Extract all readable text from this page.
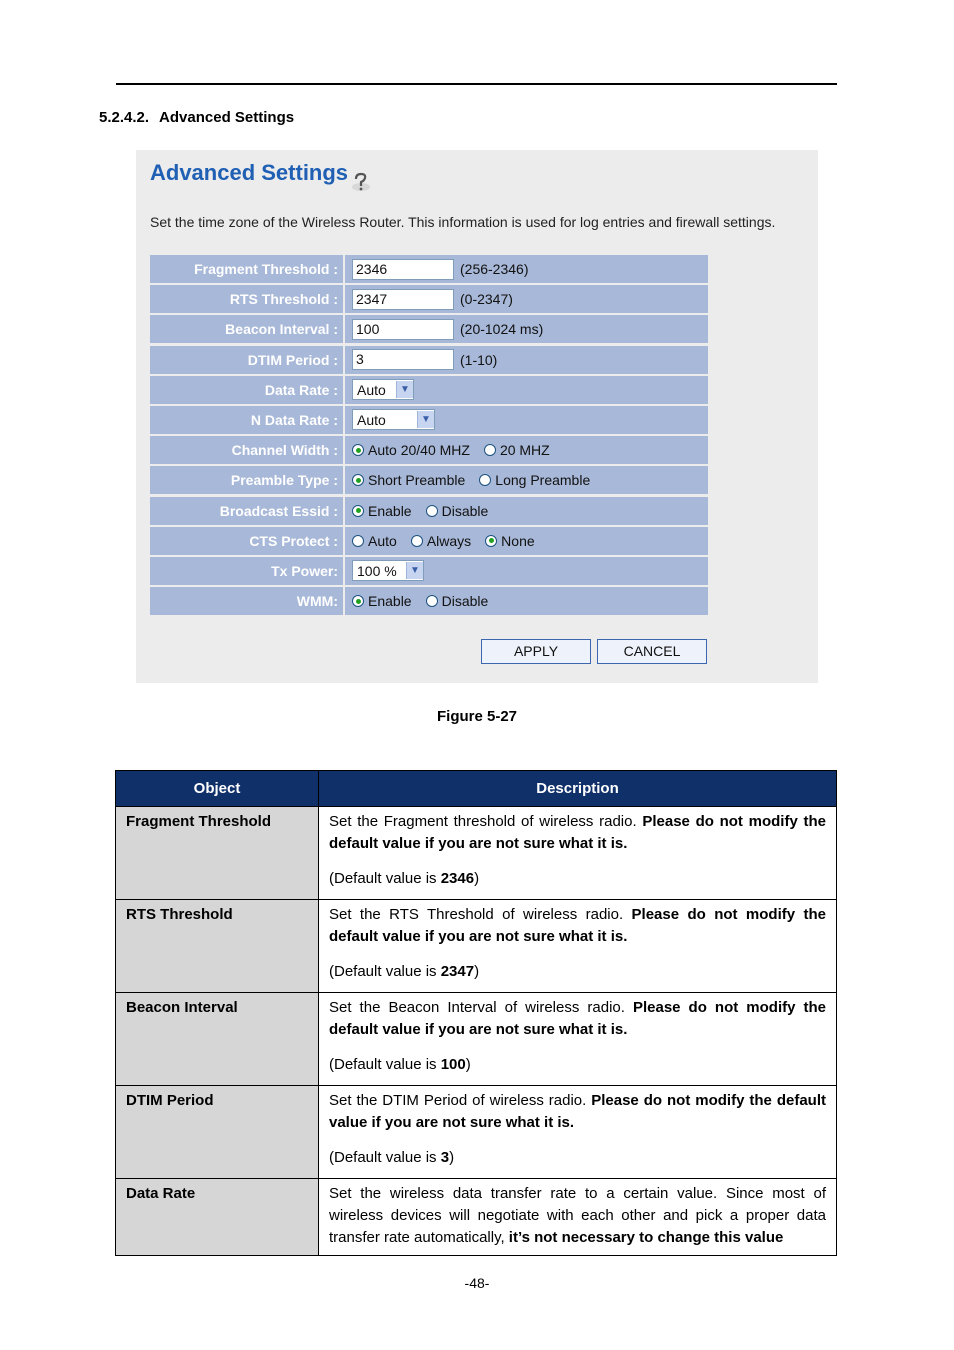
5.2.4.2. Advanced Settings
Advanced Settings
Set the time zone of the Wireless Router. This information is used for log entries and firewall settings.
Fragment Threshold :	2346	(256-2346)
RTS Threshold :	2347	(0-2347)
Beacon Interval :	100	(20-1024 ms)
DTIM Period :	3	(1-10)
Data Rate :	Auto	▼
N Data Rate :	Auto	▼
Channel Width :	Auto 20/40 MHZ 20 MHZ
Preamble Type :	Short Preamble Long Preamble
Broadcast Essid :	Enable Disable
CTS Protect :	Auto Always None
Tx Power:	100 %	▼
WMM:	Enable Disable
APPLY	CANCEL
Figure 5-27
Object	Description
Fragment Threshold	Set the Fragment threshold of wireless radio. Please do not modify the default value if you are not sure what it is.

(Default value is 2346)

RTS Threshold	Set the RTS Threshold of wireless radio. Please do not modify the default value if you are not sure what it is.

(Default value is 2347)

Beacon Interval	Set the Beacon Interval of wireless radio. Please do not modify the default value if you are not sure what it is.

(Default value is 100)

DTIM Period	Set the DTIM Period of wireless radio. Please do not modify the default value if you are not sure what it is.

(Default value is 3)

Data Rate	Set the wireless data transfer rate to a certain value. Since most of wireless devices will negotiate with each other and pick a proper data transfer rate automatically, it’s not necessary to change this value

-48-
